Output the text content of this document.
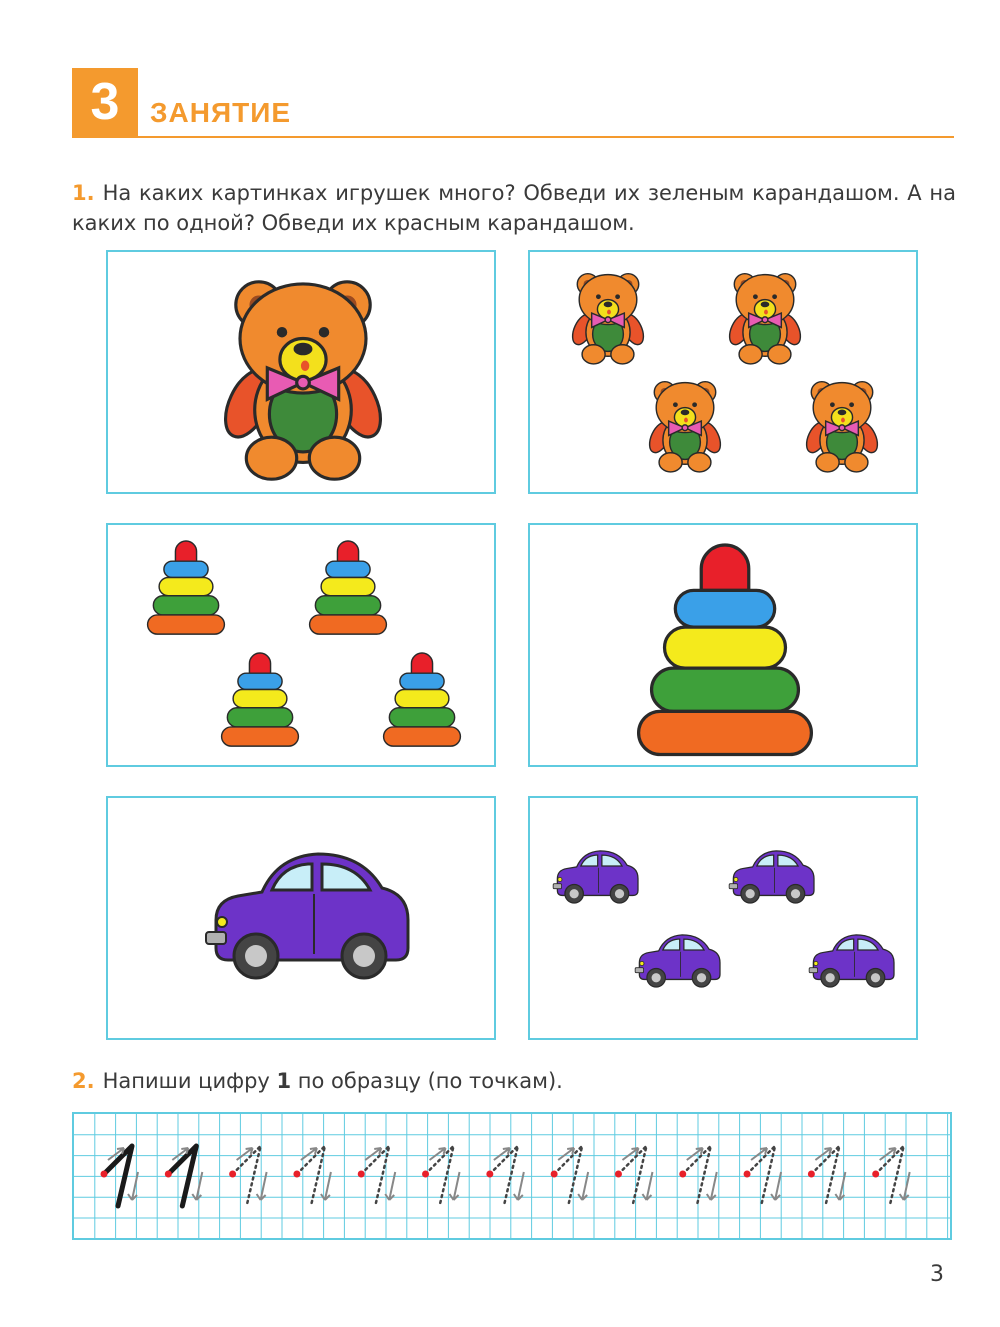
3	ЗАНЯТИЕ
1. На каких картинках игрушек много? Обведи их зеленым карандашом. А на каких по одной? Обведи их красным карандашом.
2. Напиши цифру 1 по образцу (по точкам).
3
